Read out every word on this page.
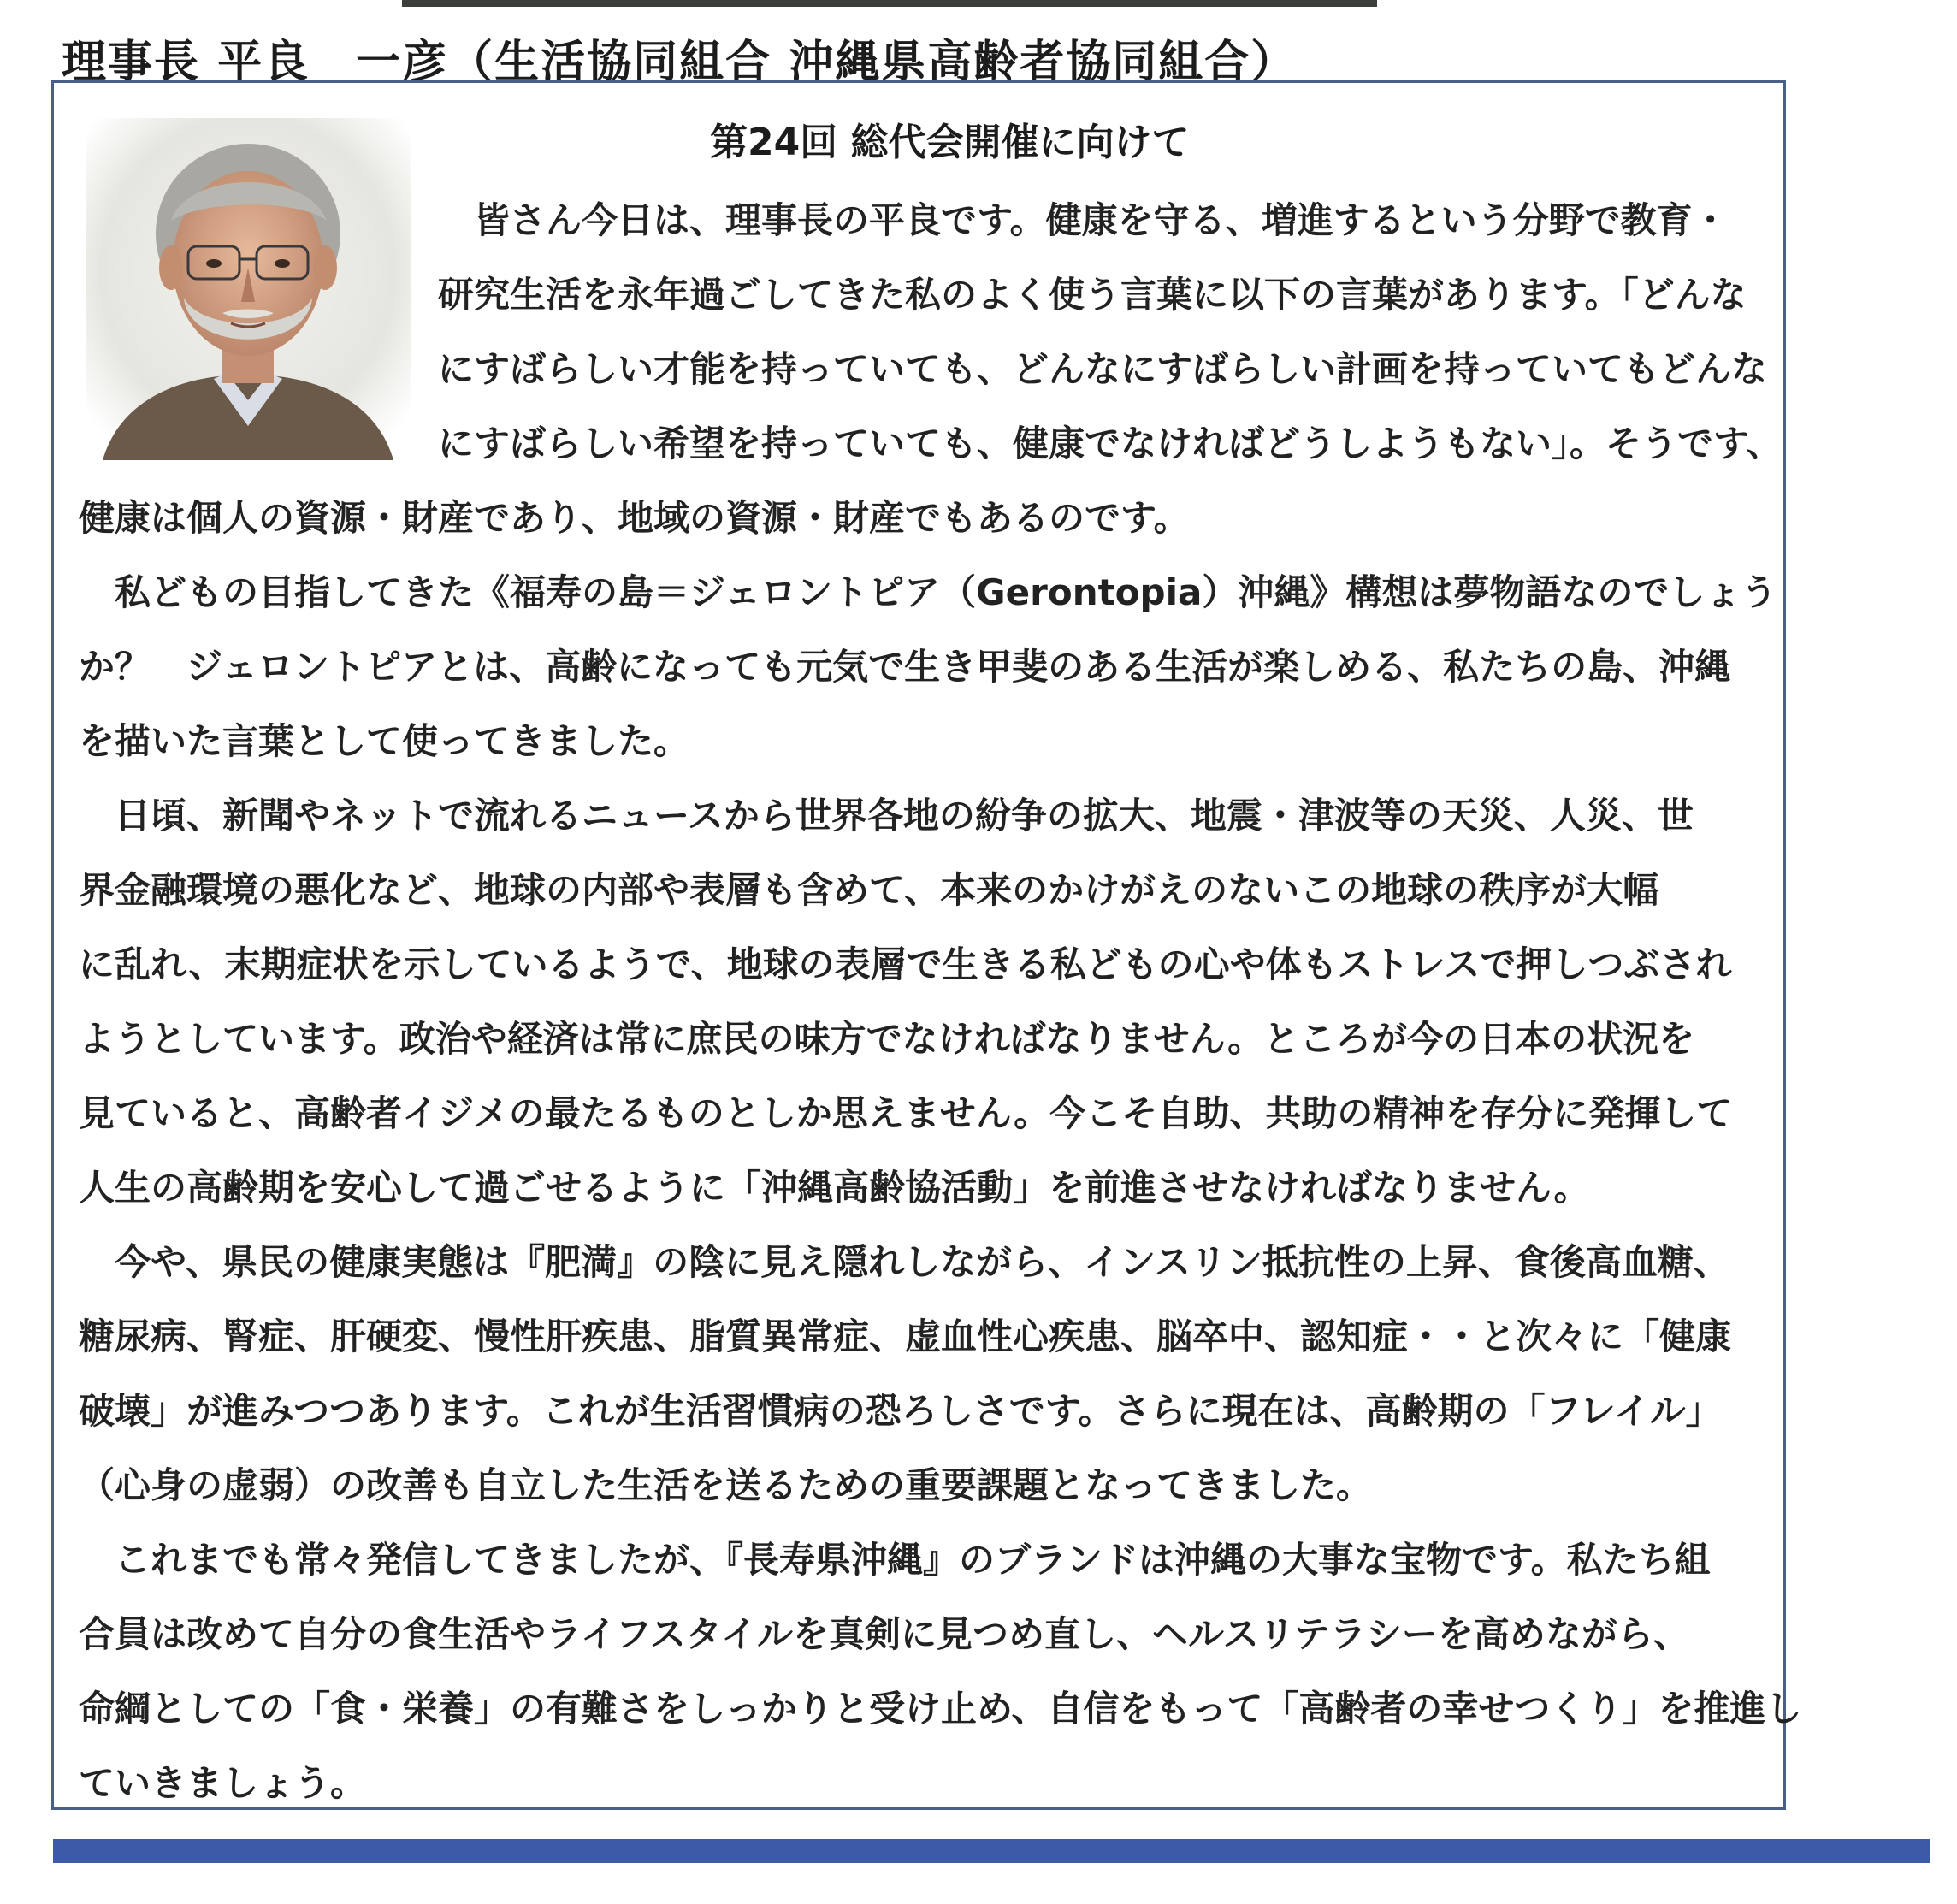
理事長 平良　一彦（生活協同組合 沖縄県高齢者協同組合）
第24回 総代会開催に向けて
　皆さん今日は、理事長の平良です。健康を守る、増進するという分野で教育・
研究生活を永年過ごしてきた私のよく使う言葉に以下の言葉があります。「どんな
にすばらしい才能を持っていても、どんなにすばらしい計画を持っていてもどんな
にすばらしい希望を持っていても、健康でなければどうしようもない」。そうです、
健康は個人の資源・財産であり、地域の資源・財産でもあるのです。
　私どもの目指してきた《福寿の島＝ジェロントピア（Gerontopia）沖縄》構想は夢物語なのでしょう
か？　ジェロントピアとは、高齢になっても元気で生き甲斐のある生活が楽しめる、私たちの島、沖縄
を描いた言葉として使ってきました。
　日頃、新聞やネットで流れるニュースから世界各地の紛争の拡大、地震・津波等の天災、人災、世
界金融環境の悪化など、地球の内部や表層も含めて、本来のかけがえのないこの地球の秩序が大幅
に乱れ、末期症状を示しているようで、地球の表層で生きる私どもの心や体もストレスで押しつぶされ
ようとしています。政治や経済は常に庶民の味方でなければなりません。ところが今の日本の状況を
見ていると、高齢者イジメの最たるものとしか思えません。今こそ自助、共助の精神を存分に発揮して
人生の高齢期を安心して過ごせるように「沖縄高齢協活動」を前進させなければなりません。
　今や、県民の健康実態は『肥満』の陰に見え隠れしながら、インスリン抵抗性の上昇、食後高血糖、
糖尿病、腎症、肝硬変、慢性肝疾患、脂質異常症、虚血性心疾患、脳卒中、認知症・・と次々に「健康
破壊」が進みつつあります。これが生活習慣病の恐ろしさです。さらに現在は、高齢期の「フレイル」
（心身の虚弱）の改善も自立した生活を送るための重要課題となってきました。
　これまでも常々発信してきましたが、『長寿県沖縄』のブランドは沖縄の大事な宝物です。私たち組
合員は改めて自分の食生活やライフスタイルを真剣に見つめ直し、ヘルスリテラシーを高めながら、
命綱としての「食・栄養」の有難さをしっかりと受け止め、自信をもって「高齢者の幸せつくり」を推進し
ていきましょう。
